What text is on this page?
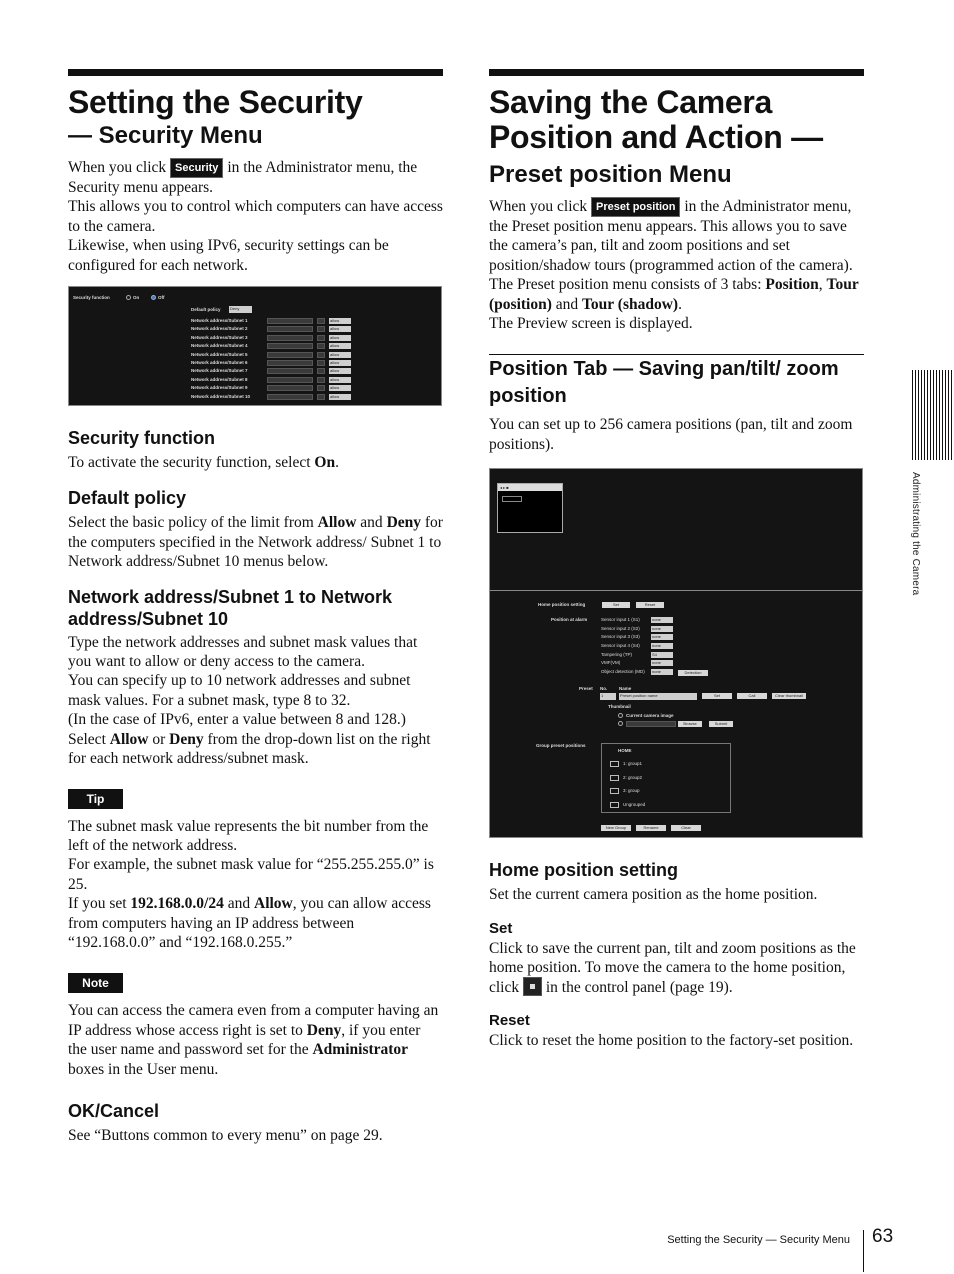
Setting the Security
— Security Menu

When you click Security in the Administrator menu, the Security menu appears.
This allows you to control which computers can have access to the camera.
Likewise, when using IPv6, security settings can be configured for each network.

Security function	On	Off
Default policy Deny
Network address/Subnet 1	allow
Network address/Subnet 2	allow
Network address/Subnet 3	allow
Network address/Subnet 4	allow
Network address/Subnet 5	allow
Network address/Subnet 6	allow
Network address/Subnet 7	allow
Network address/Subnet 8	allow
Network address/Subnet 9	allow
Network address/Subnet 10	allow
Security function

To activate the security function, select On.

Default policy

Select the basic policy of the limit from Allow and Deny for the computers specified in the Network address/ Subnet 1 to Network address/Subnet 10 menus below.

Network address/Subnet 1 to Network address/Subnet 10

Type the network addresses and subnet mask values that you want to allow or deny access to the camera.
You can specify up to 10 network addresses and subnet mask values. For a subnet mask, type 8 to 32.
(In the case of IPv6, enter a value between 8 and 128.)
Select Allow or Deny from the drop-down list on the right for each network address/subnet mask.

Tip

The subnet mask value represents the bit number from the left of the network address.
For example, the subnet mask value for “255.255.255.0” is 25.
If you set 192.168.0.0/24 and Allow, you can allow access from computers having an IP address between “192.168.0.0” and “192.168.0.255.”

Note

You can access the camera even from a computer having an IP address whose access right is set to Deny, if you enter the user name and password set for the Administrator boxes in the User menu.

OK/Cancel

See “Buttons common to every menu” on page 29.

Saving the Camera
Position and Action —
Preset position Menu

When you click Preset position in the Administrator menu, the Preset position menu appears. This allows you to save the camera’s pan, tilt and zoom positions and set position/shadow tours (programmed action of the camera).
The Preset position menu consists of 3 tabs: Position, Tour (position) and Tour (shadow).
The Preview screen is displayed.

Position Tab — Saving pan/tilt/ zoom position

You can set up to 256 camera positions (pan, tilt and zoom positions).

◂ ▸ ■
Home position setting	Set	Reset
Position at alarm	Sensor input 1 (S1)	none
Sensor input 2 (S2)	none
Sensor input 3 (S3)	none
Sensor input 4 (S4)	none
Tampering (TP)	S4
VMF(VM)	none
Object detection (MD) none	Detection
Preset No.	Name
1	Preset position name	Set	Call	Clear thumbnail
Thumbnail
Current camera image
Browse	Submit
Group preset positions
HOME
1: group1
2: group2
3: group
Ungrouped
New Group	Rename	Clear
Home position setting

Set the current camera position as the home position.

Set

Click to save the current pan, tilt and zoom positions as the home position. To move the camera to the home position, click  in the control panel (page 19).

Reset

Click to reset the home position to the factory-set position.

Administrating the Camera
Setting the Security — Security Menu 63
